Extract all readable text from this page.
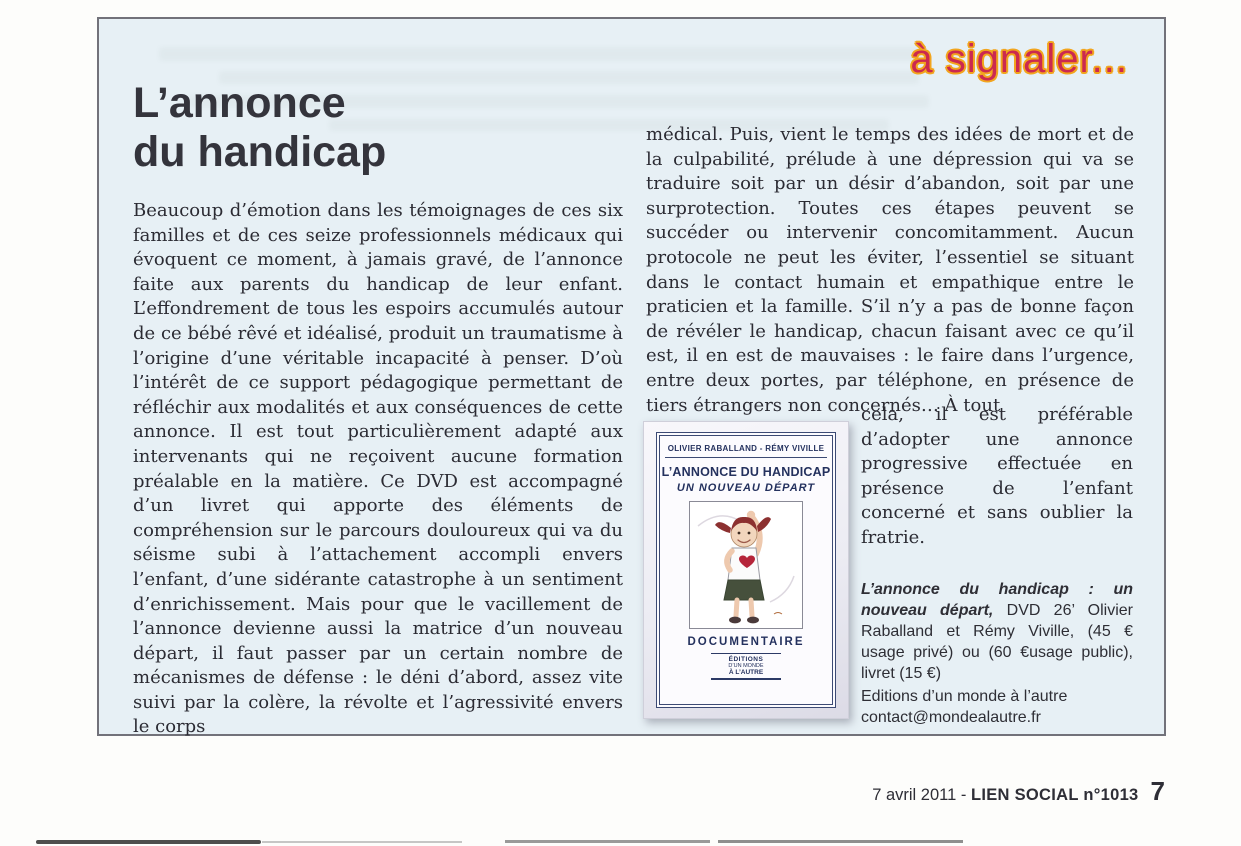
à signaler...
L’annonce
du handicap
Beaucoup d’émotion dans les témoignages de ces six familles et de ces seize professionnels médicaux qui évoquent ce moment, à jamais gravé, de l’annonce faite aux parents du handicap de leur enfant. L’effondrement de tous les espoirs accumulés autour de ce bébé rêvé et idéalisé, produit un traumatisme à l’origine d’une véritable incapacité à penser. D’où l’intérêt de ce support pédagogique permettant de réfléchir aux modalités et aux conséquences de cette annonce. Il est tout particulièrement adapté aux intervenants qui ne reçoivent aucune formation préalable en la matière. Ce DVD est accompagné d’un livret qui apporte des éléments de compréhension sur le parcours douloureux qui va du séisme subi à l’attachement accompli envers l’enfant, d’une sidérante catastrophe à un sentiment d’enrichissement. Mais pour que le vacillement de l’annonce devienne aussi la matrice d’un nouveau départ, il faut passer par un certain nombre de mécanismes de défense : le déni d’abord, assez vite suivi par la colère, la révolte et l’agressivité envers le corps
médical. Puis, vient le temps des idées de mort et de la culpabilité, prélude à une dépression qui va se traduire soit par un désir d’abandon, soit par une surprotection. Toutes ces étapes peuvent se succéder ou intervenir concomitamment. Aucun protocole ne peut les éviter, l’essentiel se situant dans le contact humain et empathique entre le praticien et la famille. S’il n’y a pas de bonne façon de révéler le handicap, chacun faisant avec ce qu’il est, il en est de mauvaises : le faire dans l’urgence, entre deux portes, par téléphone, en présence de tiers étrangers non concernés… À tout
OLIVIER RABALLAND - RÉMY VIVILLE
L’ANNONCE DU HANDICAP
UN NOUVEAU DÉPART
DOCUMENTAIRE
ÉDITIONS
D’UN MONDE
À L’AUTRE
cela, il est préférable d’adopter une annonce progressive effectuée en présence de l’enfant concerné et sans oublier la fratrie.

L’annonce du handicap : un nouveau départ, DVD 26’ Olivier Raballand et Rémy Viville, (45 € usage privé) ou (60 €usage public), livret (15 €)

Editions d’un monde à l’autre
contact@mondealautre.fr
7 avril 2011 - LIEN SOCIAL n°1013 7
